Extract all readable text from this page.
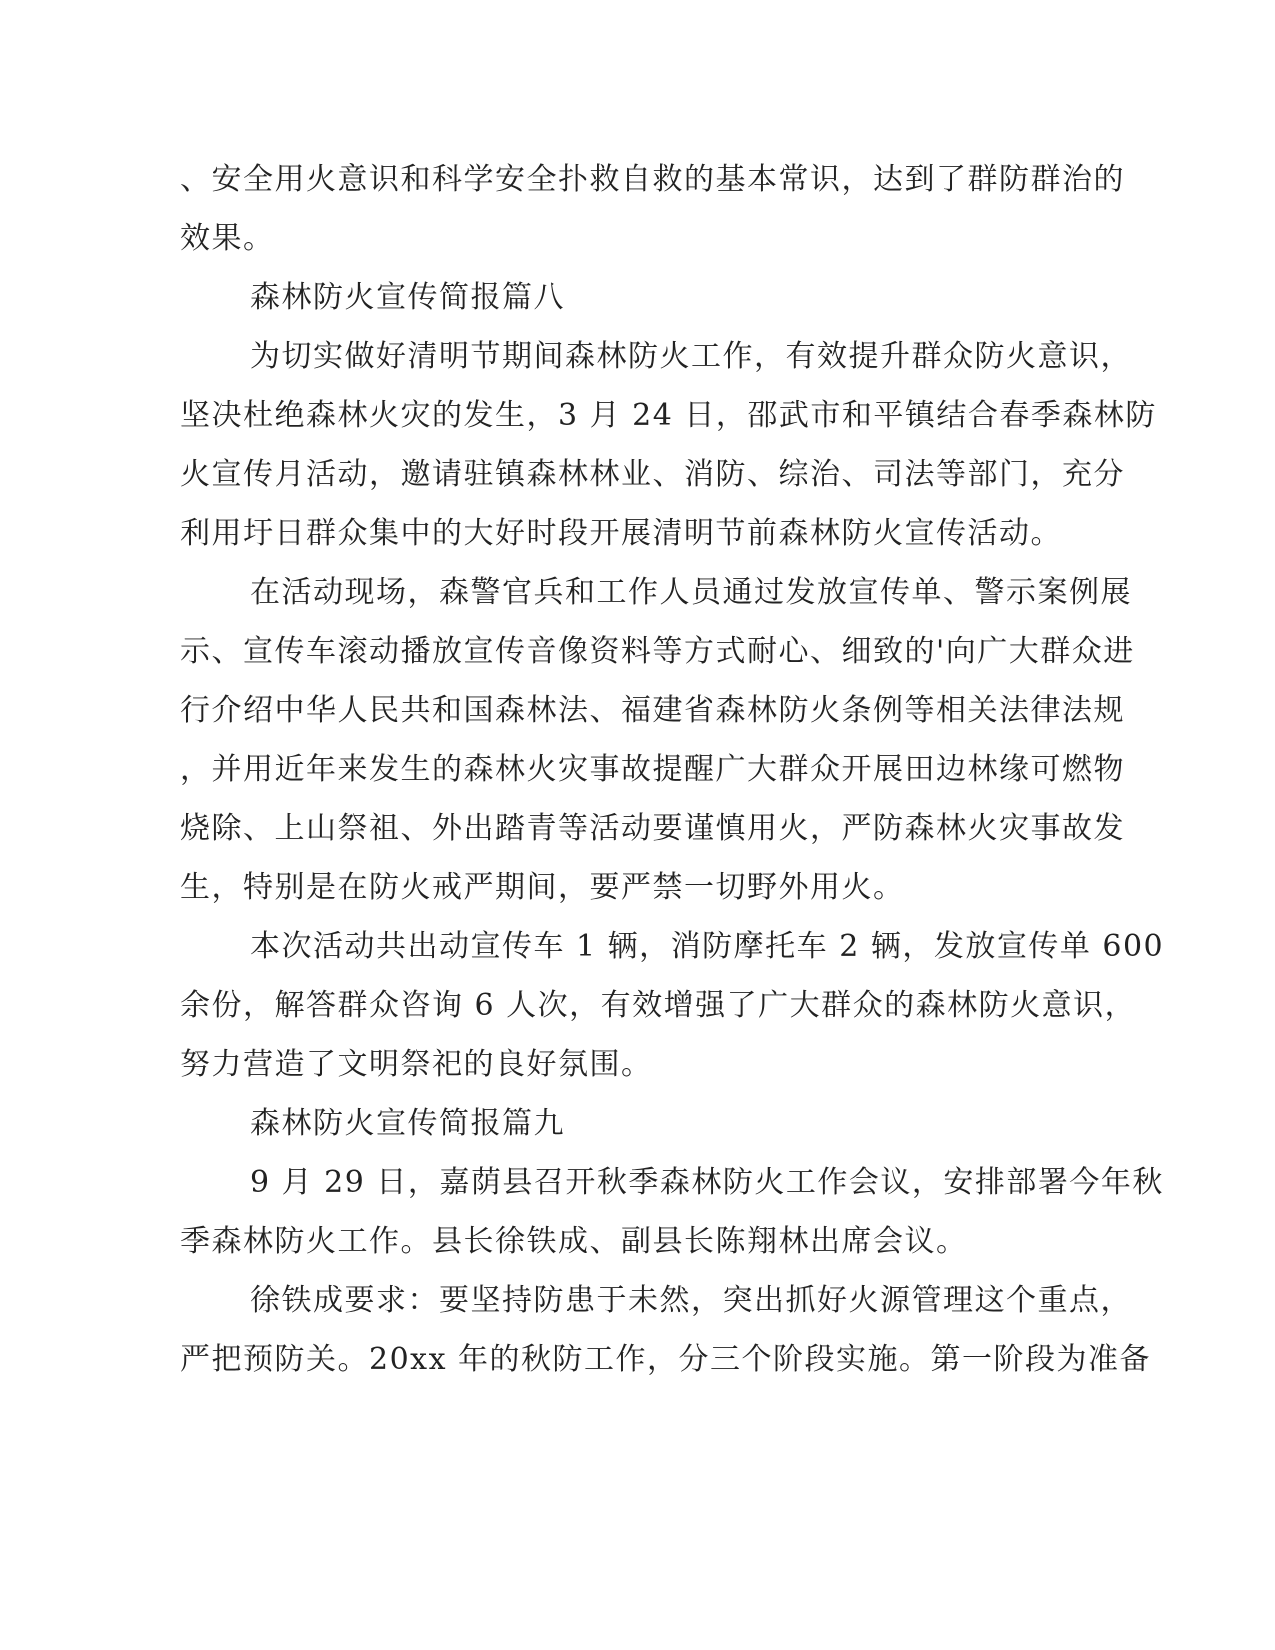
、安全用火意识和科学安全扑救自救的基本常识，达到了群防群治的
效果。
森林防火宣传简报篇八
为切实做好清明节期间森林防火工作，有效提升群众防火意识，
坚决杜绝森林火灾的发生，3 月 24 日，邵武市和平镇结合春季森林防
火宣传月活动，邀请驻镇森林林业、消防、综治、司法等部门，充分
利用圩日群众集中的大好时段开展清明节前森林防火宣传活动。
在活动现场，森警官兵和工作人员通过发放宣传单、警示案例展
示、宣传车滚动播放宣传音像资料等方式耐心、细致的'向广大群众进
行介绍中华人民共和国森林法、福建省森林防火条例等相关法律法规
，并用近年来发生的森林火灾事故提醒广大群众开展田边林缘可燃物
烧除、上山祭祖、外出踏青等活动要谨慎用火，严防森林火灾事故发
生，特别是在防火戒严期间，要严禁一切野外用火。
本次活动共出动宣传车 1 辆，消防摩托车 2 辆，发放宣传单 600
余份，解答群众咨询 6 人次，有效增强了广大群众的森林防火意识，
努力营造了文明祭祀的良好氛围。
森林防火宣传简报篇九
9 月 29 日，嘉荫县召开秋季森林防火工作会议，安排部署今年秋
季森林防火工作。县长徐铁成、副县长陈翔林出席会议。
徐铁成要求：要坚持防患于未然，突出抓好火源管理这个重点，
严把预防关。20xx 年的秋防工作，分三个阶段实施。第一阶段为准备
